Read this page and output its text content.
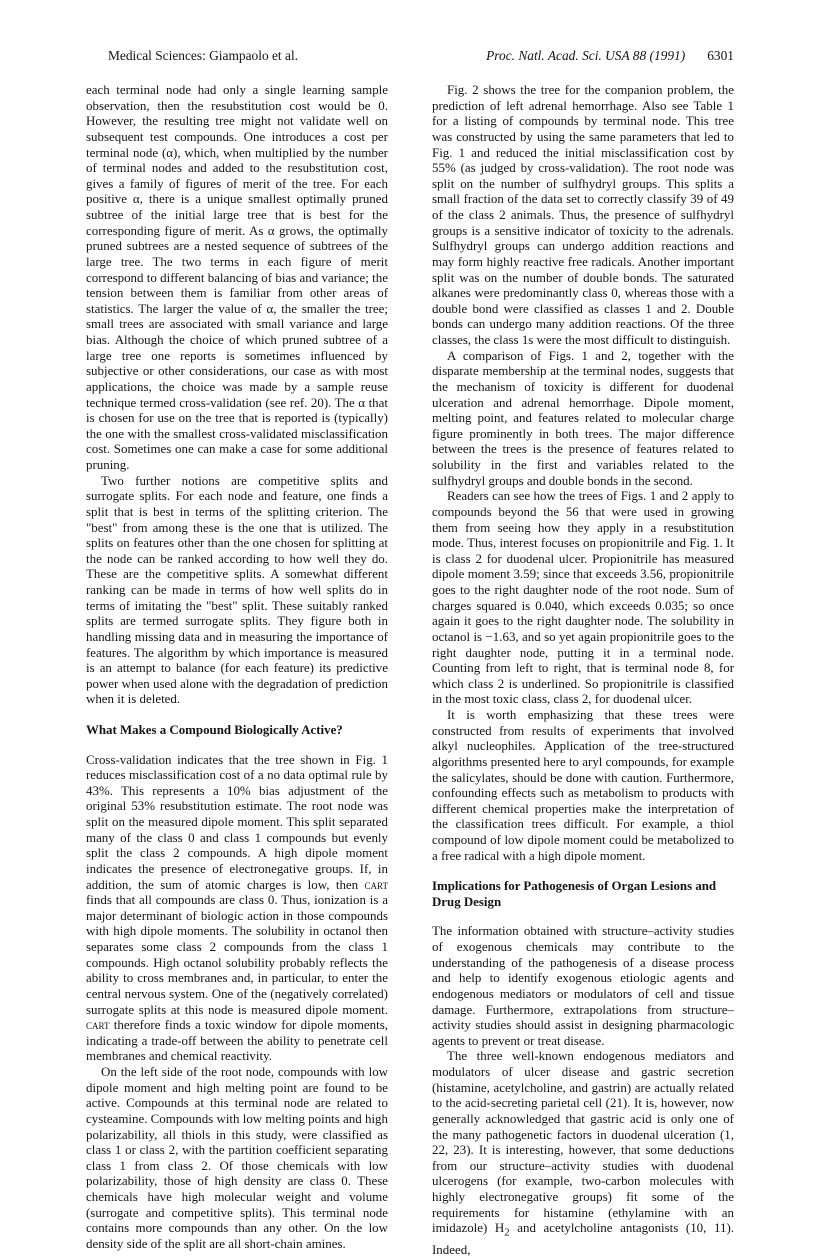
Medical Sciences: Giampaolo et al.	Proc. Natl. Acad. Sci. USA 88 (1991) 6301

each terminal node had only a single learning sample observation, then the resubstitution cost would be 0. However, the resulting tree might not validate well on subsequent test compounds. One introduces a cost per terminal node (α), which, when multiplied by the number of terminal nodes and added to the resubstitution cost, gives a family of figures of merit of the tree. For each positive α, there is a unique smallest optimally pruned subtree of the initial large tree that is best for the corresponding figure of merit. As α grows, the optimally pruned subtrees are a nested sequence of subtrees of the large tree. The two terms in each figure of merit correspond to different balancing of bias and variance; the tension between them is familiar from other areas of statistics. The larger the value of α, the smaller the tree; small trees are associated with small variance and large bias. Although the choice of which pruned subtree of a large tree one reports is sometimes influenced by subjective or other considerations, our case as with most applications, the choice was made by a sample reuse technique termed cross-validation (see ref. 20). The α that is chosen for use on the tree that is reported is (typically) the one with the smallest cross-validated misclassification cost. Sometimes one can make a case for some additional pruning.

Two further notions are competitive splits and surrogate splits. For each node and feature, one finds a split that is best in terms of the splitting criterion. The "best" from among these is the one that is utilized. The splits on features other than the one chosen for splitting at the node can be ranked according to how well they do. These are the competitive splits. A somewhat different ranking can be made in terms of how well splits do in terms of imitating the "best" split. These suitably ranked splits are termed surrogate splits. They figure both in handling missing data and in measuring the importance of features. The algorithm by which importance is measured is an attempt to balance (for each feature) its predictive power when used alone with the degradation of prediction when it is deleted.

What Makes a Compound Biologically Active?

Cross-validation indicates that the tree shown in Fig. 1 reduces misclassification cost of a no data optimal rule by 43%. This represents a 10% bias adjustment of the original 53% resubstitution estimate. The root node was split on the measured dipole moment. This split separated many of the class 0 and class 1 compounds but evenly split the class 2 compounds. A high dipole moment indicates the presence of electronegative groups. If, in addition, the sum of atomic charges is low, then cart finds that all compounds are class 0. Thus, ionization is a major determinant of biologic action in those compounds with high dipole moments. The solubility in octanol then separates some class 2 compounds from the class 1 compounds. High octanol solubility probably reflects the ability to cross membranes and, in particular, to enter the central nervous system. One of the (negatively correlated) surrogate splits at this node is measured dipole moment. cart therefore finds a toxic window for dipole moments, indicating a trade-off between the ability to penetrate cell membranes and chemical reactivity.

On the left side of the root node, compounds with low dipole moment and high melting point are found to be active. Compounds at this terminal node are related to cysteamine. Compounds with low melting points and high polarizability, all thiols in this study, were classified as class 1 or class 2, with the partition coefficient separating class 1 from class 2. Of those chemicals with low polarizability, those of high density are class 0. These chemicals have high molecular weight and volume (surrogate and competitive splits). This terminal node contains more compounds than any other. On the low density side of the split are all short-chain amines.

Fig. 2 shows the tree for the companion problem, the prediction of left adrenal hemorrhage. Also see Table 1 for a listing of compounds by terminal node. This tree was constructed by using the same parameters that led to Fig. 1 and reduced the initial misclassification cost by 55% (as judged by cross-validation). The root node was split on the number of sulfhydryl groups. This splits a small fraction of the data set to correctly classify 39 of 49 of the class 2 animals. Thus, the presence of sulfhydryl groups is a sensitive indicator of toxicity to the adrenals. Sulfhydryl groups can undergo addition reactions and may form highly reactive free radicals. Another important split was on the number of double bonds. The saturated alkanes were predominantly class 0, whereas those with a double bond were classified as classes 1 and 2. Double bonds can undergo many addition reactions. Of the three classes, the class 1s were the most difficult to distinguish.

A comparison of Figs. 1 and 2, together with the disparate membership at the terminal nodes, suggests that the mechanism of toxicity is different for duodenal ulceration and adrenal hemorrhage. Dipole moment, melting point, and features related to molecular charge figure prominently in both trees. The major difference between the trees is the presence of features related to solubility in the first and variables related to the sulfhydryl groups and double bonds in the second.

Readers can see how the trees of Figs. 1 and 2 apply to compounds beyond the 56 that were used in growing them from seeing how they apply in a resubstitution mode. Thus, interest focuses on propionitrile and Fig. 1. It is class 2 for duodenal ulcer. Propionitrile has measured dipole moment 3.59; since that exceeds 3.56, propionitrile goes to the right daughter node of the root node. Sum of charges squared is 0.040, which exceeds 0.035; so once again it goes to the right daughter node. The solubility in octanol is −1.63, and so yet again propionitrile goes to the right daughter node, putting it in a terminal node. Counting from left to right, that is terminal node 8, for which class 2 is underlined. So propionitrile is classified in the most toxic class, class 2, for duodenal ulcer.

It is worth emphasizing that these trees were constructed from results of experiments that involved alkyl nucleophiles. Application of the tree-structured algorithms presented here to aryl compounds, for example the salicylates, should be done with caution. Furthermore, confounding effects such as metabolism to products with different chemical properties make the interpretation of the classification trees difficult. For example, a thiol compound of low dipole moment could be metabolized to a free radical with a high dipole moment.

Implications for Pathogenesis of Organ Lesions and
Drug Design

The information obtained with structure–activity studies of exogenous chemicals may contribute to the understanding of the pathogenesis of a disease process and help to identify exogenous etiologic agents and endogenous mediators or modulators of cell and tissue damage. Furthermore, extrapolations from structure–activity studies should assist in designing pharmacologic agents to prevent or treat disease.

The three well-known endogenous mediators and modulators of ulcer disease and gastric secretion (histamine, acetylcholine, and gastrin) are actually related to the acid-secreting parietal cell (21). It is, however, now generally acknowledged that gastric acid is only one of the many pathogenetic factors in duodenal ulceration (1, 22, 23). It is interesting, however, that some deductions from our structure–activity studies with duodenal ulcerogens (for example, two-carbon molecules with highly electronegative groups) fit some of the requirements for histamine (ethylamine with an imidazole) $H_2$ and acetylcholine antagonists (10, 11). Indeed,
